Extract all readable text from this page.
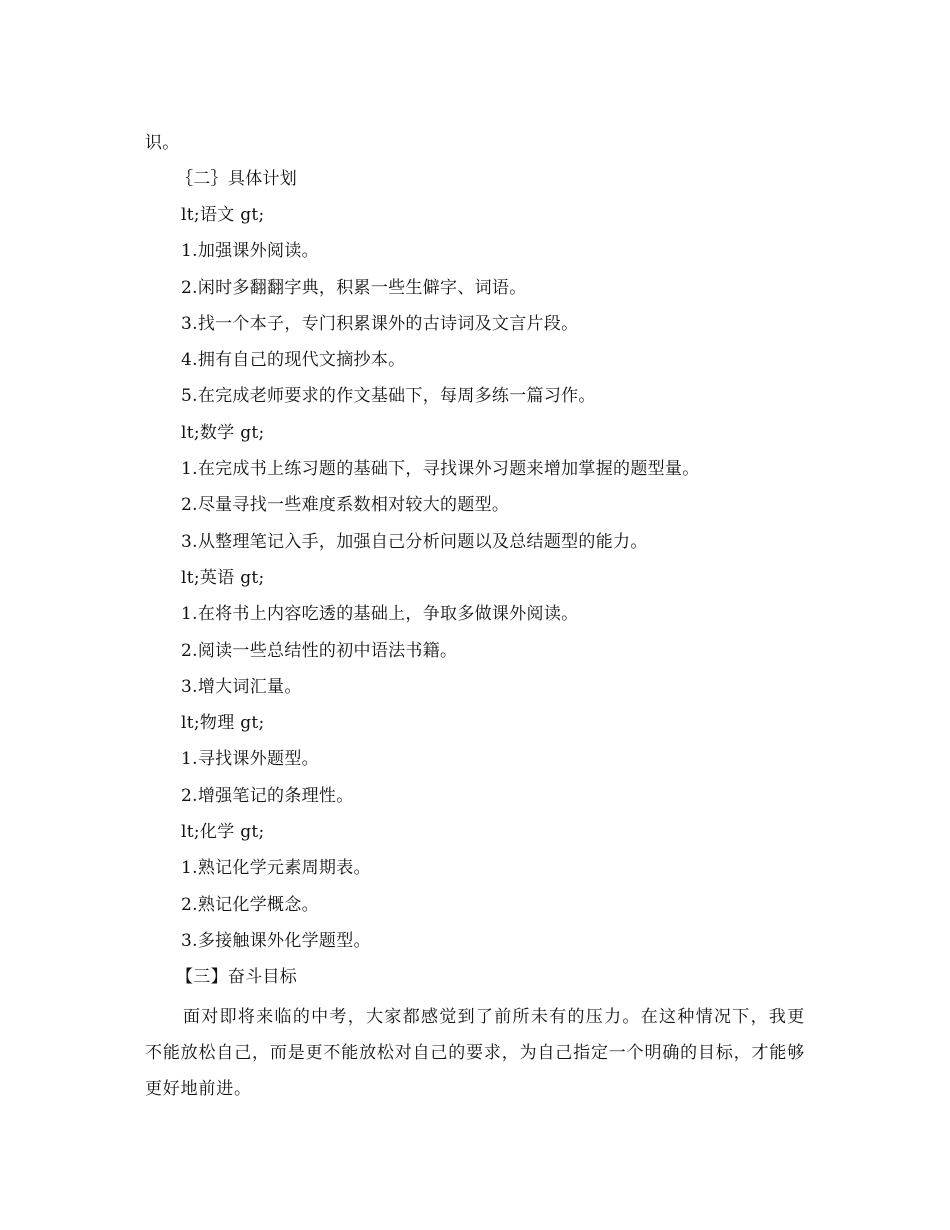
识。
｛二｝具体计划
lt;语文 gt;
1.加强课外阅读。
2.闲时多翻翻字典，积累一些生僻字、词语。
3.找一个本子，专门积累课外的古诗词及文言片段。
4.拥有自己的现代文摘抄本。
5.在完成老师要求的作文基础下，每周多练一篇习作。
lt;数学 gt;
1.在完成书上练习题的基础下，寻找课外习题来增加掌握的题型量。
2.尽量寻找一些难度系数相对较大的题型。
3.从整理笔记入手，加强自己分析问题以及总结题型的能力。
lt;英语 gt;
1.在将书上内容吃透的基础上，争取多做课外阅读。
2.阅读一些总结性的初中语法书籍。
3.增大词汇量。
lt;物理 gt;
1.寻找课外题型。
2.增强笔记的条理性。
lt;化学 gt;
1.熟记化学元素周期表。
2.熟记化学概念。
3.多接触课外化学题型。
【三】奋斗目标
面对即将来临的中考，大家都感觉到了前所未有的压力。在这种情况下，我更不能放松自己，而是更不能放松对自己的要求，为自己指定一个明确的目标，才能够更好地前进。
